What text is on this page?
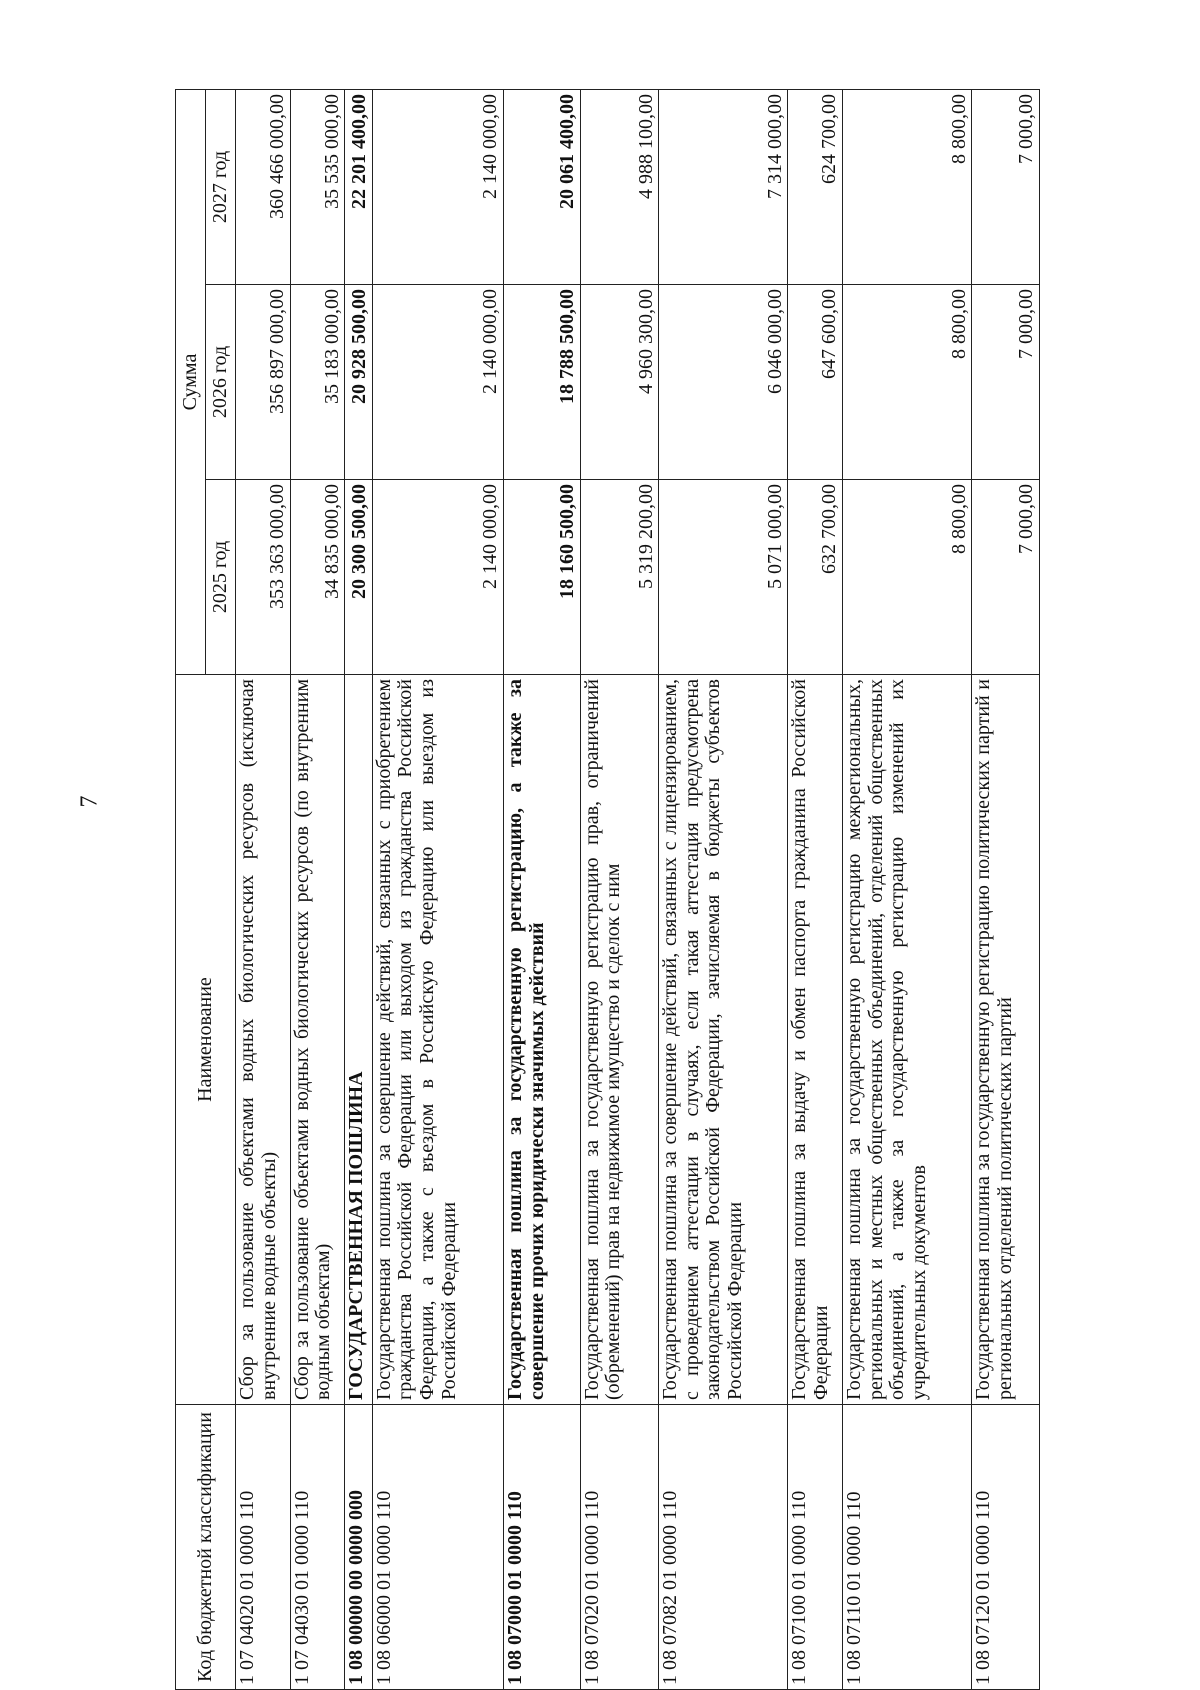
7
Код бюджетной классификации	Наименование	Сумма		
		2025 год	2026 год	2027 год
1 07 04020 01 0000 110	Сбор за пользование объектами водных биологических ресурсов (исключая внутренние водные объекты)	353 363 000,00	356 897 000,00	360 466 000,00
1 07 04030 01 0000 110	Сбор за пользование объектами водных биологических ресурсов (по внутренним водным объектам)	34 835 000,00	35 183 000,00	35 535 000,00
1 08 00000 00 0000 000	ГОСУДАРСТВЕННАЯ ПОШЛИНА	20 300 500,00	20 928 500,00	22 201 400,00
1 08 06000 01 0000 110	Государственная пошлина за совершение действий, связанных с приобретением гражданства Российской Федерации или выходом из гражданства Российской Федерации, а также с въездом в Российскую Федерацию или выездом из Российской Федерации	2 140 000,00	2 140 000,00	2 140 000,00
1 08 07000 01 0000 110	Государственная пошлина за государственную регистрацию, а также за совершение прочих юридически значимых действий	18 160 500,00	18 788 500,00	20 061 400,00
1 08 07020 01 0000 110	Государственная пошлина за государственную регистрацию прав, ограничений (обременений) прав на недвижимое имущество и сделок с ним	5 319 200,00	4 960 300,00	4 988 100,00
1 08 07082 01 0000 110	Государственная пошлина за совершение действий, связанных с лицензированием, с проведением аттестации в случаях, если такая аттестация предусмотрена законодательством Российской Федерации, зачисляемая в бюджеты субъектов Российской Федерации	5 071 000,00	6 046 000,00	7 314 000,00
1 08 07100 01 0000 110	Государственная пошлина за выдачу и обмен паспорта гражданина Российской Федерации	632 700,00	647 600,00	624 700,00
1 08 07110 01 0000 110	Государственная пошлина за государственную регистрацию межрегиональных, региональных и местных общественных объединений, отделений общественных объединений, а также за государственную регистрацию изменений их учредительных документов	8 800,00	8 800,00	8 800,00
1 08 07120 01 0000 110	Государственная пошлина за государственную регистрацию политических партий и региональных отделений политических партий	7 000,00	7 000,00	7 000,00
